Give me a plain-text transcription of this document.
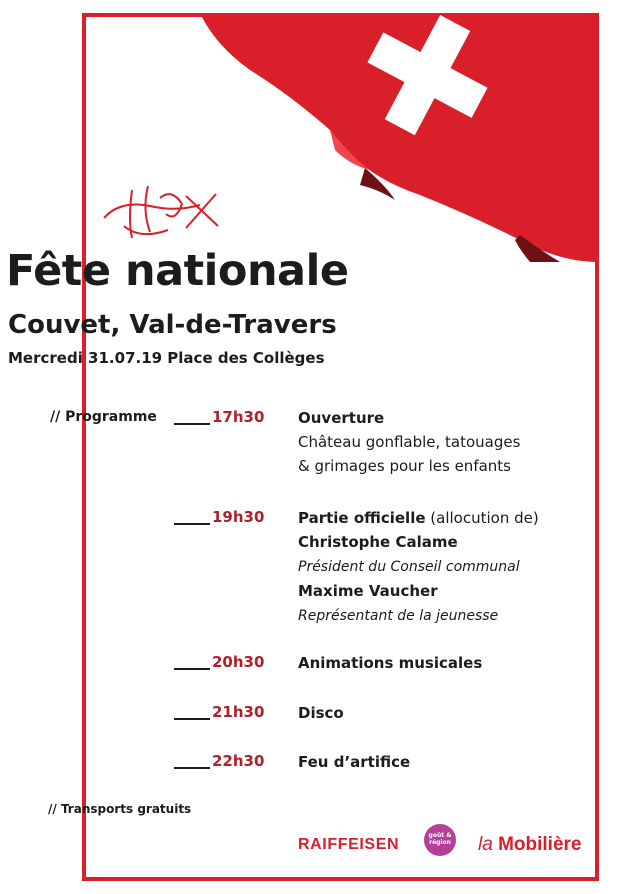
Fête nationale
Couvet, Val-de-Travers
Mercredi 31.07.19 Place des Collèges
// Programme	17h30 Ouverture
Château gonflable, tatouages
& grimages pour les enfants
19h30 Partie officielle (allocution de)
Christophe Calame
Président du Conseil communal
Maxime Vaucher
Représentant de la jeunesse
20h30 Animations musicales
21h30 Disco
22h30 Feu d’artifice
// Transports gratuits
RAIFFEISEN
goût &
région la Mobilière
